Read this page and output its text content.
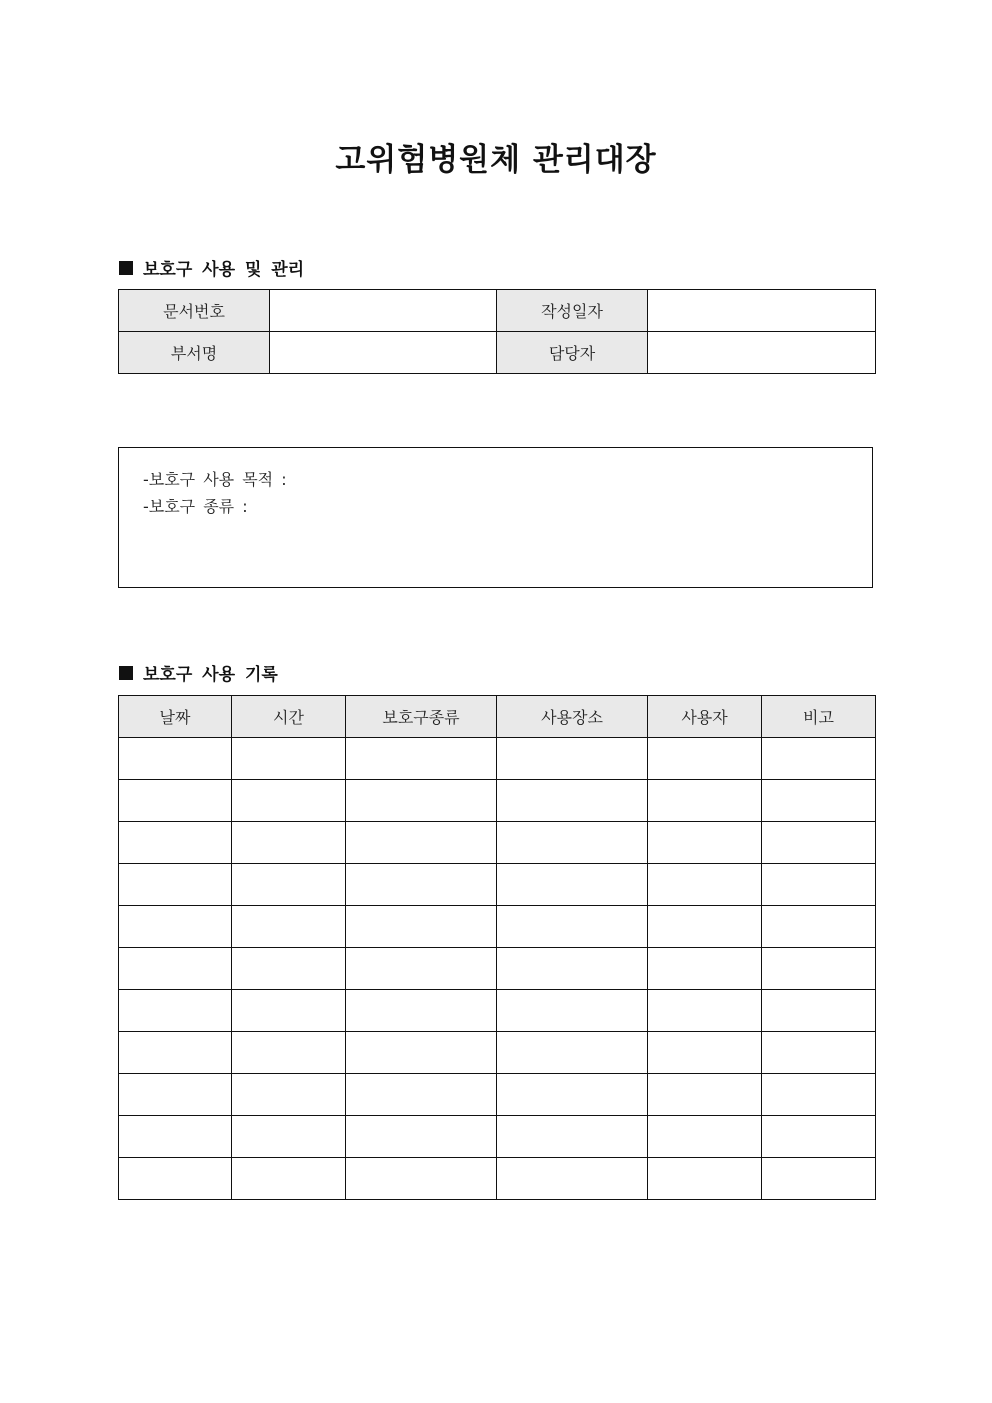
고위험병원체 관리대장
보호구 사용 및 관리
문서번호		작성일자	
부서명		담당자	
-보호구 사용 목적 :
-보호구 종류 :
보호구 사용 기록
날짜	시간	보호구종류	사용장소	사용자	비고
